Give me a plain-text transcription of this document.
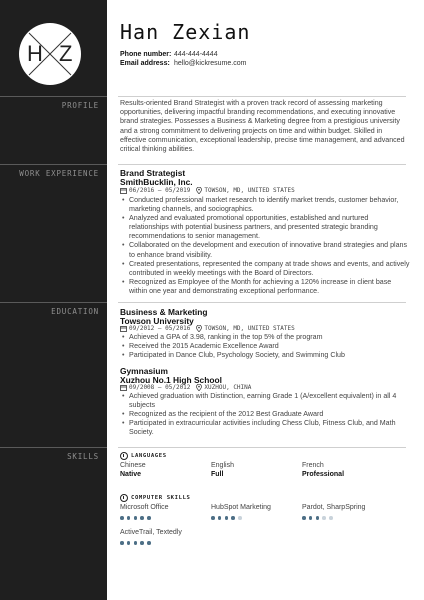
H Z
PROFILE
WORK EXPERIENCE
EDUCATION
SKILLS
Han Zexian
Phone number: 444-444-4444
Email address: hello@kickresume.com
Results-oriented Brand Strategist with a proven track record of assessing marketing opportunities, delivering impactful branding recommendations, and executing innovative brand strategies. Possesses a Business & Marketing degree from a prestigious university and a strong commitment to delivering projects on time and within budget. Skilled in effective communication, exceptional leadership, precise time management, and advanced critical thinking abilities.
Brand Strategist
SmithBucklin, Inc.
06/2016 – 05/2019 TOWSON, MD, UNITED STATES
• Conducted professional market research to identify market trends, customer behavior, marketing channels, and sociographics.
• Analyzed and evaluated promotional opportunities, established and nurtured relationships with potential business partners, and presented strategic branding recommendations to senior management.
• Collaborated on the development and execution of innovative brand strategies and plans to enhance brand visibility.
• Created presentations, represented the company at trade shows and events, and actively contributed in weekly meetings with the Board of Directors.
• Recognized as Employee of the Month for achieving a 120% increase in client base within one year and demonstrating exceptional performance.
Business & Marketing
Towson University
09/2012 – 05/2016 TOWSON, MD, UNITED STATES
• Achieved a GPA of 3.98, ranking in the top 5% of the program
• Received the 2015 Academic Excellence Award
• Participated in Dance Club, Psychology Society, and Swimming Club
Gymnasium
Xuzhou No.1 High School
09/2008 – 05/2012 XUZHOU, CHINA
• Achieved graduation with Distinction, earning Grade 1 (A/excellent equivalent) in all 4 subjects
• Recognized as the recipient of the 2012 Best Graduate Award
• Participated in extracurricular activities including Chess Club, Fitness Club, and Math Society.
LANGUAGES
Chinese
Native
English
Full
French
Professional
COMPUTER SKILLS
Microsoft Office	HubSpot Marketing	Pardot, SharpSpring
ActiveTrail, Textedly
